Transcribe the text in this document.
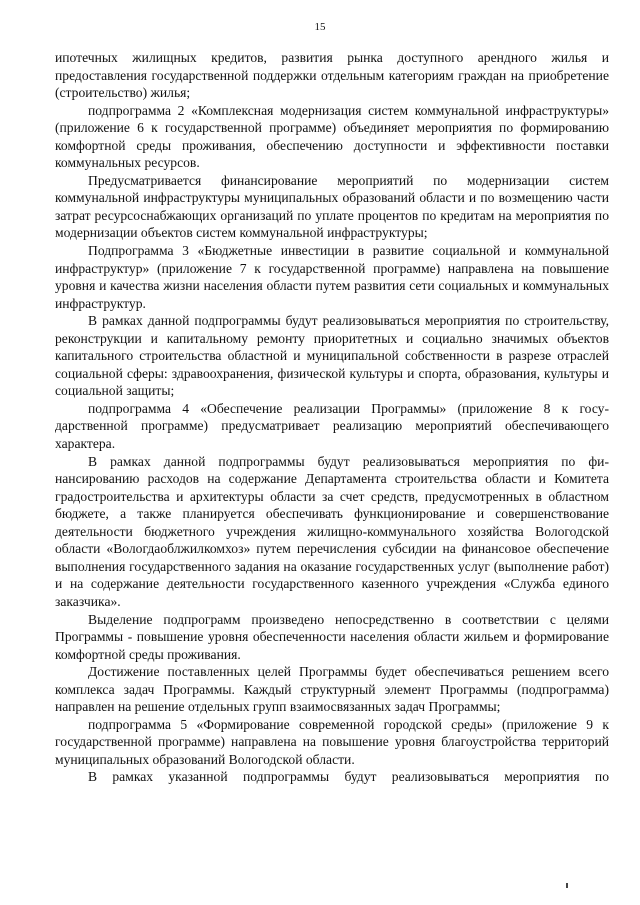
15

ипотечных жилищных кредитов, развития рынка доступного арендного жилья и предоставления государственной поддержки отдельным категориям граждан на приобретение (строительство) жилья;

подпрограмма 2 «Комплексная модернизация систем коммунальной инфраструктуры» (приложение 6 к государственной программе) объединяет мероприятия по формированию комфортной среды проживания, обеспечению доступности и эффективности поставки коммунальных ресурсов.

Предусматривается финансирование мероприятий по модернизации систем коммунальной инфраструктуры муниципальных образований области и по возмещению части затрат ресурсоснабжающих организаций по уплате процентов по кредитам на мероприятия по модернизации объектов систем коммунальной инфраструктуры;

Подпрограмма 3 «Бюджетные инвестиции в развитие социальной и коммунальной инфраструктур» (приложение 7 к государственной программе) направлена на повышение уровня и качества жизни населения области путем развития сети социальных и коммунальных инфраструктур.

В рамках данной подпрограммы будут реализовываться мероприятия по строительству, реконструкции и капитальному ремонту приоритетных и социально значимых объектов капитального строительства областной и муниципальной собственности в разрезе отраслей социальной сферы: здравоохранения, физической культуры и спорта, образования, культуры и социальной защиты;

подпрограмма 4 «Обеспечение реализации Программы» (приложение 8 к государственной программе) предусматривает реализацию мероприятий обеспечивающего характера.

В рамках данной подпрограммы будут реализовываться мероприятия по финансированию расходов на содержание Департамента строительства области и Комитета градостроительства и архитектуры области за счет средств, предусмотренных в областном бюджете, а также планируется обеспечивать функционирование и совершенствование деятельности бюджетного учреждения жилищно-коммунального хозяйства Вологодской области «Вологдаоблжилкомхоз» путем перечисления субсидии на финансовое обеспечение выполнения государственного задания на оказание государственных услуг (выполнение работ) и на содержание деятельности государственного казенного учреждения «Служба единого заказчика».

Выделение подпрограмм произведено непосредственно в соответствии с целями Программы - повышение уровня обеспеченности населения области жильем и формирование комфортной среды проживания.

Достижение поставленных целей Программы будет обеспечиваться решением всего комплекса задач Программы. Каждый структурный элемент Программы (подпрограмма) направлен на решение отдельных групп взаимосвязанных задач Программы;

подпрограмма 5 «Формирование современной городской среды» (приложение 9 к государственной программе) направлена на повышение уровня благоустройства территорий муниципальных образований Вологодской области.

В рамках указанной подпрограммы будут реализовываться мероприятия по
